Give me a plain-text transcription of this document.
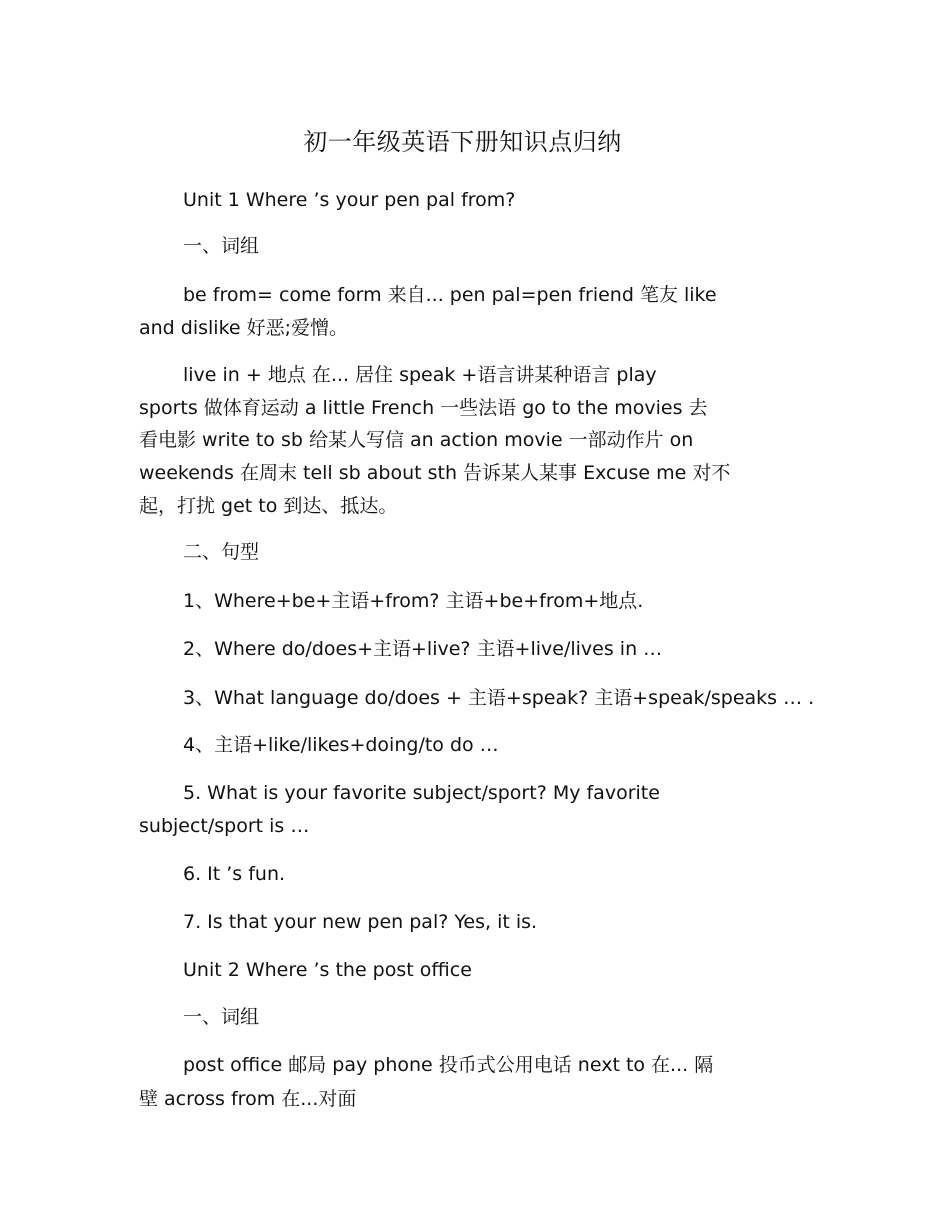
初一年级英语下册知识点归纳
Unit 1 Where ’s your pen pal from?
一、词组
be from= come form 来自... pen pal=pen friend 笔友 like
and dislike 好恶;爱憎。
live in + 地点 在... 居住 speak +语言讲某种语言 play
sports 做体育运动 a little French 一些法语 go to the movies 去
看电影 write to sb 给某人写信 an action movie 一部动作片 on
weekends 在周末 tell sb about sth 告诉某人某事 Excuse me 对不
起，打扰 get to 到达、抵达。
二、句型
1、Where+be+主语+from? 主语+be+from+地点.
2、Where do/does+主语+live? 主语+live/lives in …
3、What language do/does + 主语+speak? 主语+speak/speaks … .
4、主语+like/likes+doing/to do …
5. What is your favorite subject/sport? My favorite
subject/sport is …
6. It ’s fun.
7. Is that your new pen pal? Yes, it is.
Unit 2 Where ’s the post office
一、词组
post office 邮局 pay phone 投币式公用电话 next to 在... 隔
壁 across from 在...对面
